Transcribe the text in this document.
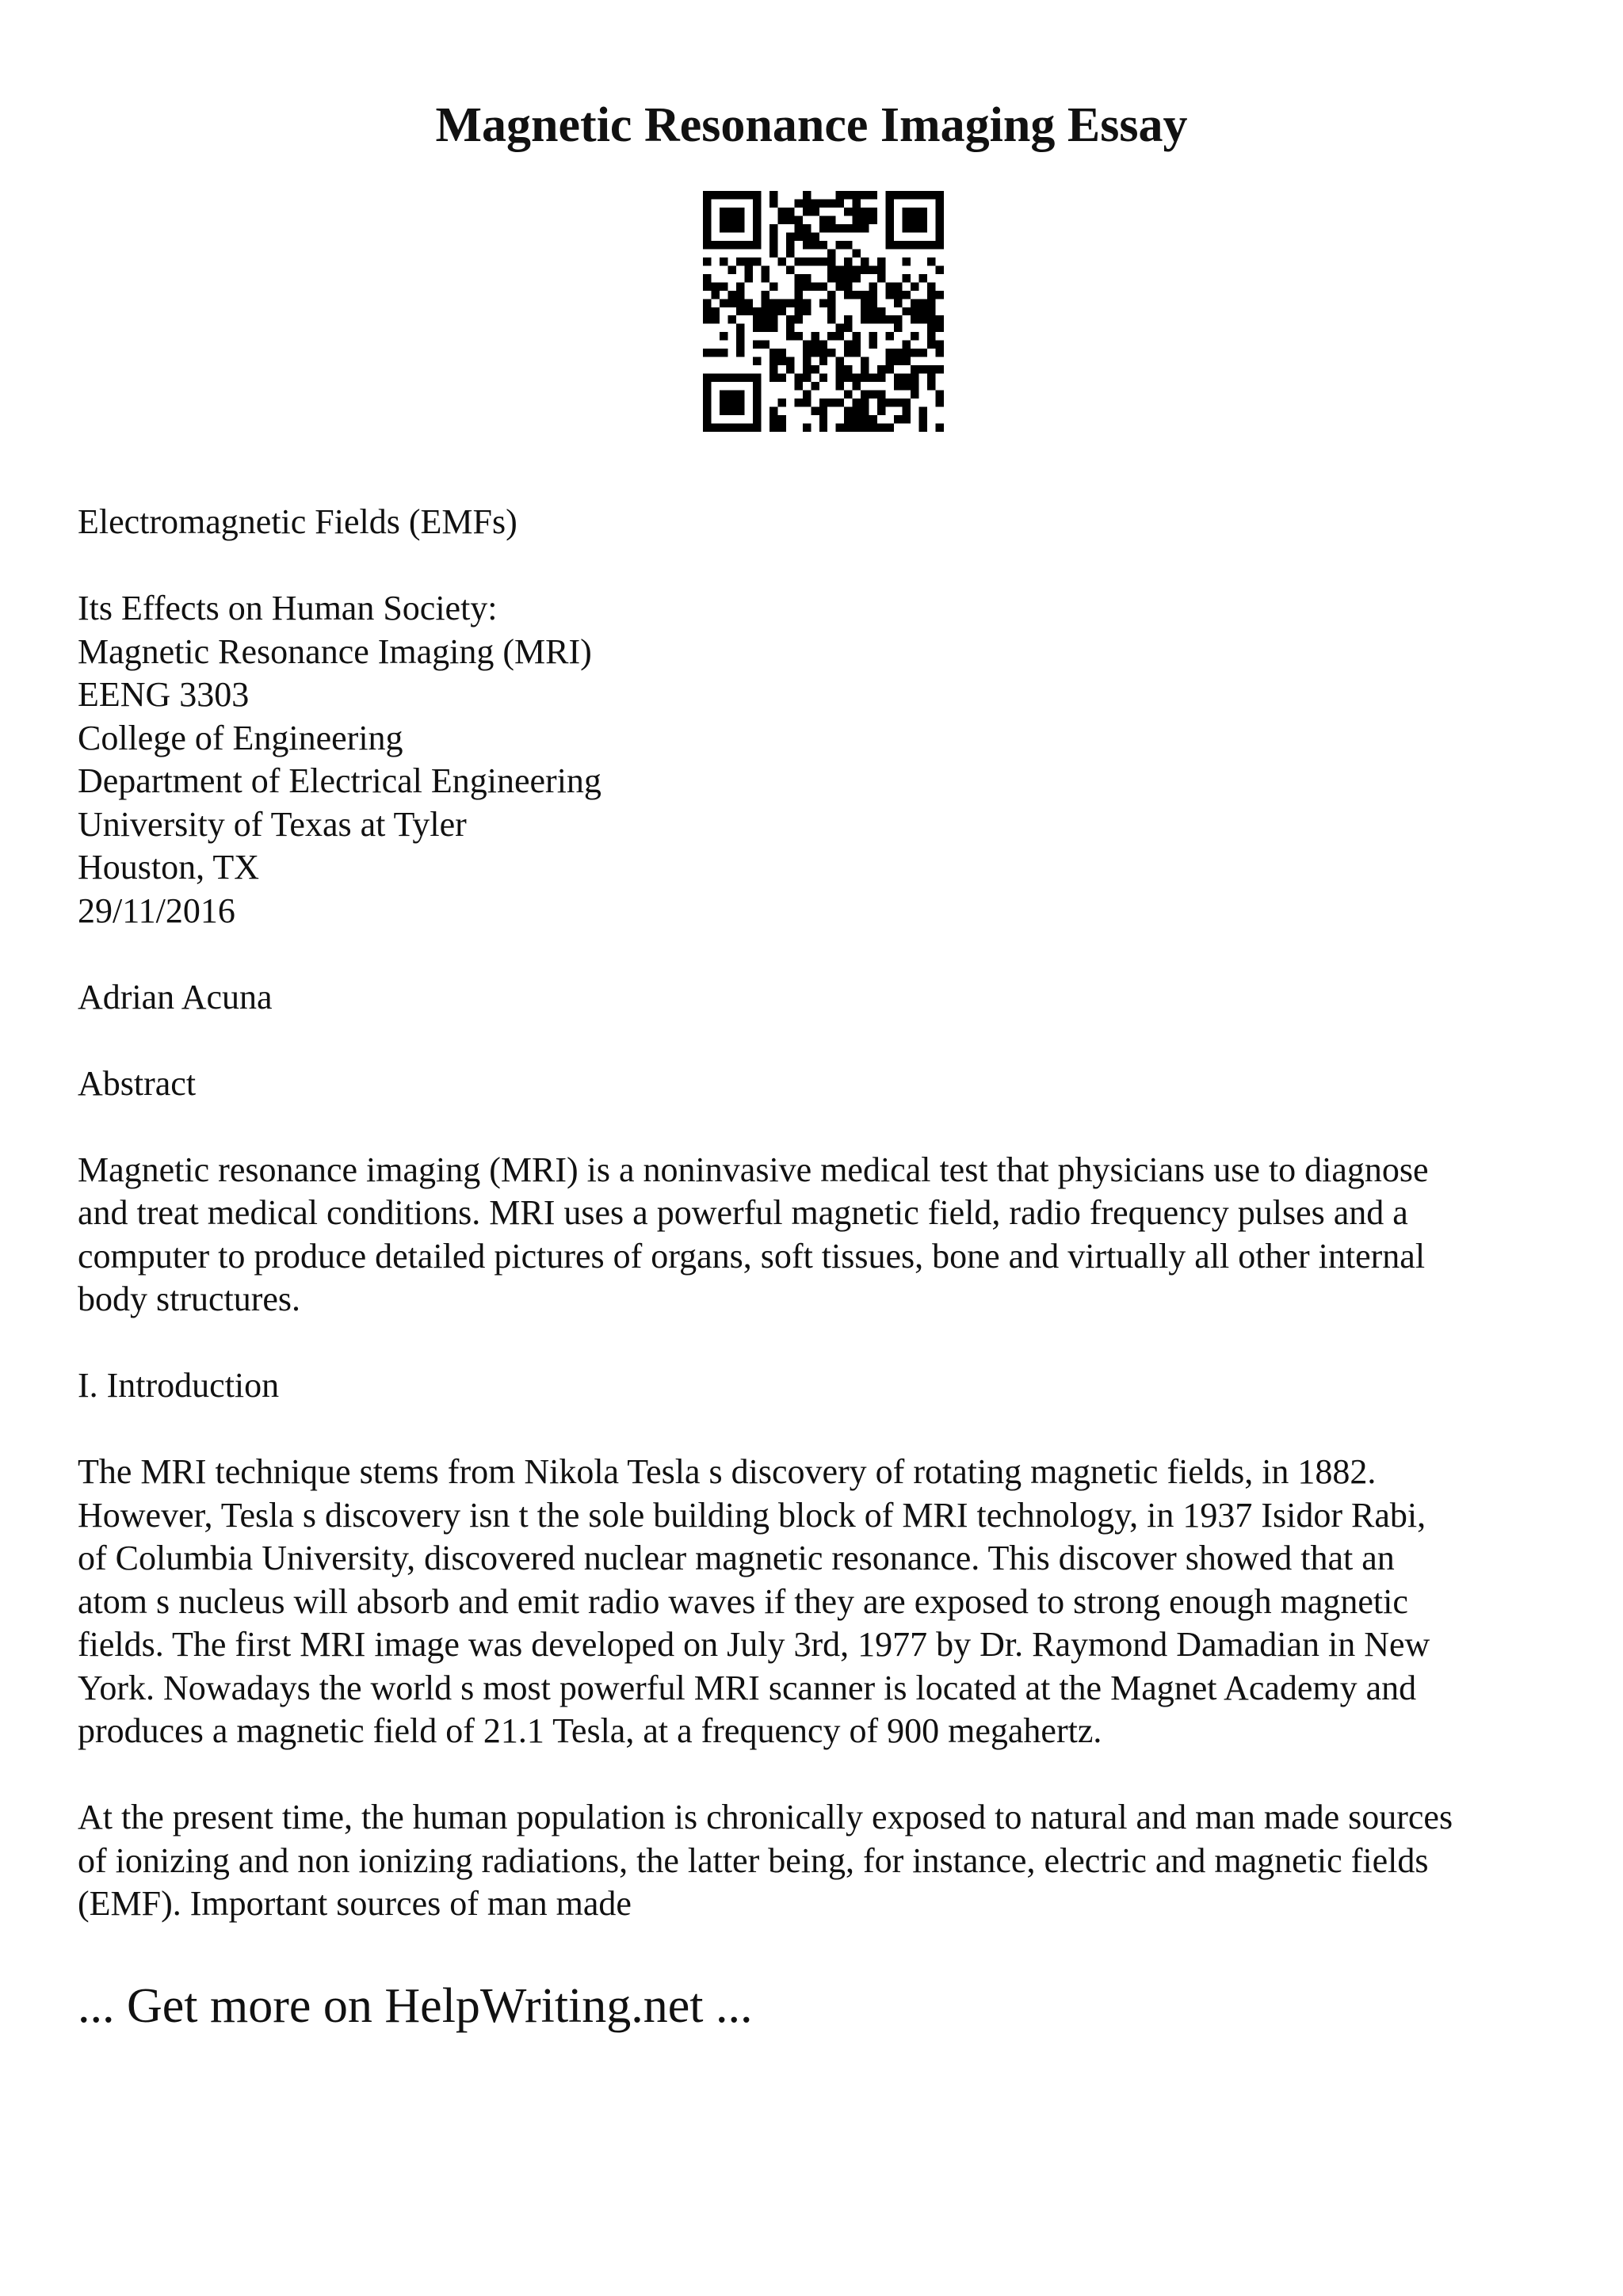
Magnetic Resonance Imaging Essay

Electromagnetic Fields (EMFs)

Its Effects on Human Society:
Magnetic Resonance Imaging (MRI)
EENG 3303
College of Engineering
Department of Electrical Engineering
University of Texas at Tyler
Houston, TX
29/11/2016

Adrian Acuna

Abstract

Magnetic resonance imaging (MRI) is a noninvasive medical test that physicians use to diagnose
and treat medical conditions. MRI uses a powerful magnetic field, radio frequency pulses and a
computer to produce detailed pictures of organs, soft tissues, bone and virtually all other internal
body structures.

I. Introduction

The MRI technique stems from Nikola Tesla s discovery of rotating magnetic fields, in 1882.
However, Tesla s discovery isn t the sole building block of MRI technology, in 1937 Isidor Rabi,
of Columbia University, discovered nuclear magnetic resonance. This discover showed that an
atom s nucleus will absorb and emit radio waves if they are exposed to strong enough magnetic
fields. The first MRI image was developed on July 3rd, 1977 by Dr. Raymond Damadian in New
York. Nowadays the world s most powerful MRI scanner is located at the Magnet Academy and
produces a magnetic field of 21.1 Tesla, at a frequency of 900 megahertz.

At the present time, the human population is chronically exposed to natural and man made sources
of ionizing and non ionizing radiations, the latter being, for instance, electric and magnetic fields
(EMF). Important sources of man made

... Get more on HelpWriting.net ...
